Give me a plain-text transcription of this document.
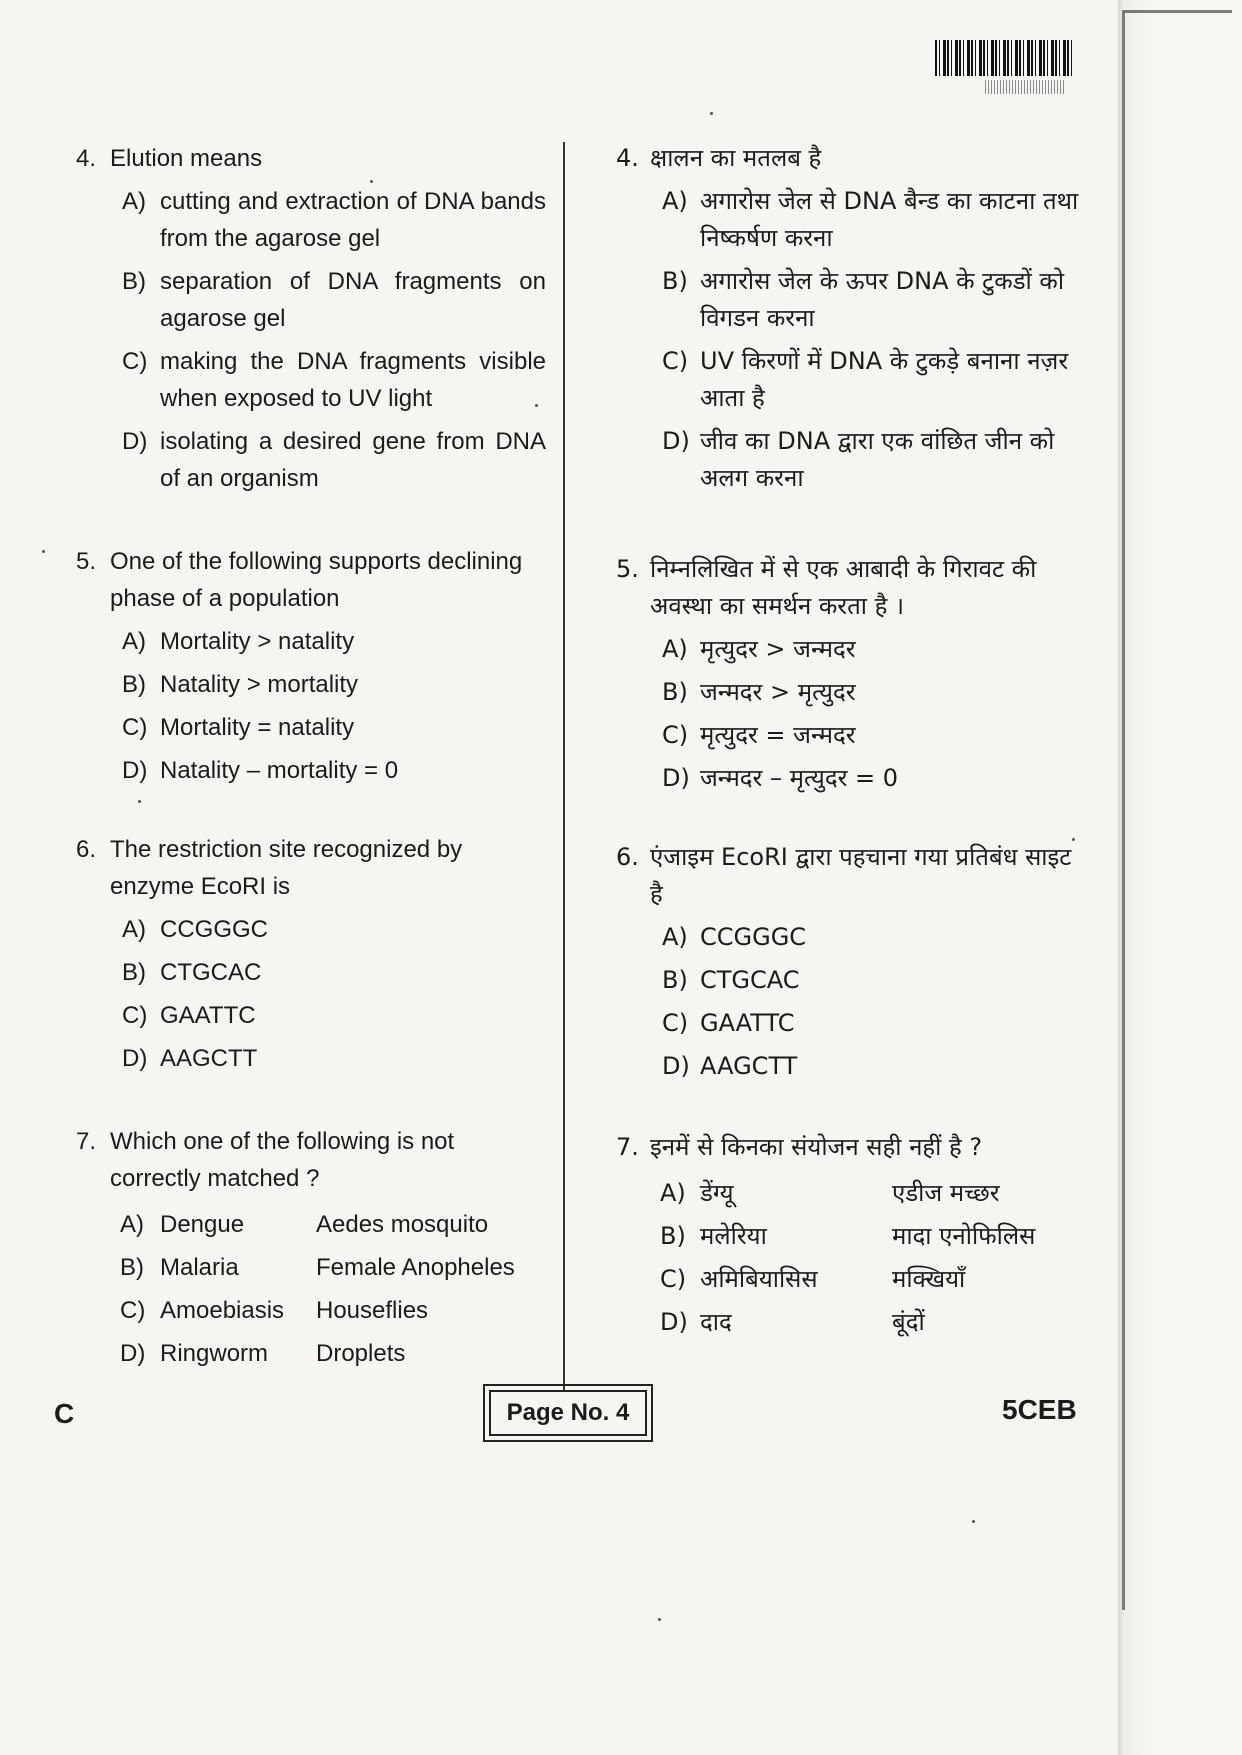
4. Elution means
A) cutting and extraction of DNA bands from the agarose gel
B) separation of DNA fragments on agarose gel
C) making the DNA fragments visible when exposed to UV light
D) isolating a desired gene from DNA of an organism
5. One of the following supports declining phase of a population
A) Mortality > natality
B) Natality > mortality
C) Mortality = natality
D) Natality – mortality = 0
6. The restriction site recognized by enzyme EcoRI is
A) CCGGGC
B) CTGCAC
C) GAATTC
D) AAGCTT
7. Which one of the following is not correctly matched ?
A) Dengue	Aedes mosquito
B) Malaria	Female Anopheles
C) Amoebiasis	Houseflies
D) Ringworm	Droplets
4. क्षालन का मतलब है
A) अगारोस जेल से DNA बैन्ड का काटना तथा निष्कर्षण करना
B) अगारोस जेल के ऊपर DNA के टुकडों को विगडन करना
C) UV किरणों में DNA के टुकड़े बनाना नज़र आता है
D) जीव का DNA द्वारा एक वांछित जीन को अलग करना
5. निम्नलिखित में से एक आबादी के गिरावट की अवस्था का समर्थन करता है ।
A) मृत्युदर > जन्मदर
B) जन्मदर > मृत्युदर
C) मृत्युदर = जन्मदर
D) जन्मदर – मृत्युदर = 0
6. एंजाइम EcoRI द्वारा पहचाना गया प्रतिबंध साइट है
A) CCGGGC
B) CTGCAC
C) GAATTC
D) AAGCTT
7. इनमें से किनका संयोजन सही नहीं है ?
A) डेंग्यू	एडीज मच्छर
B) मलेरिया	मादा एनोफिलिस
C) अमिबियासिस	मक्खियाँ
D) दाद	बूंदों
C	Page No. 4	5CEB
